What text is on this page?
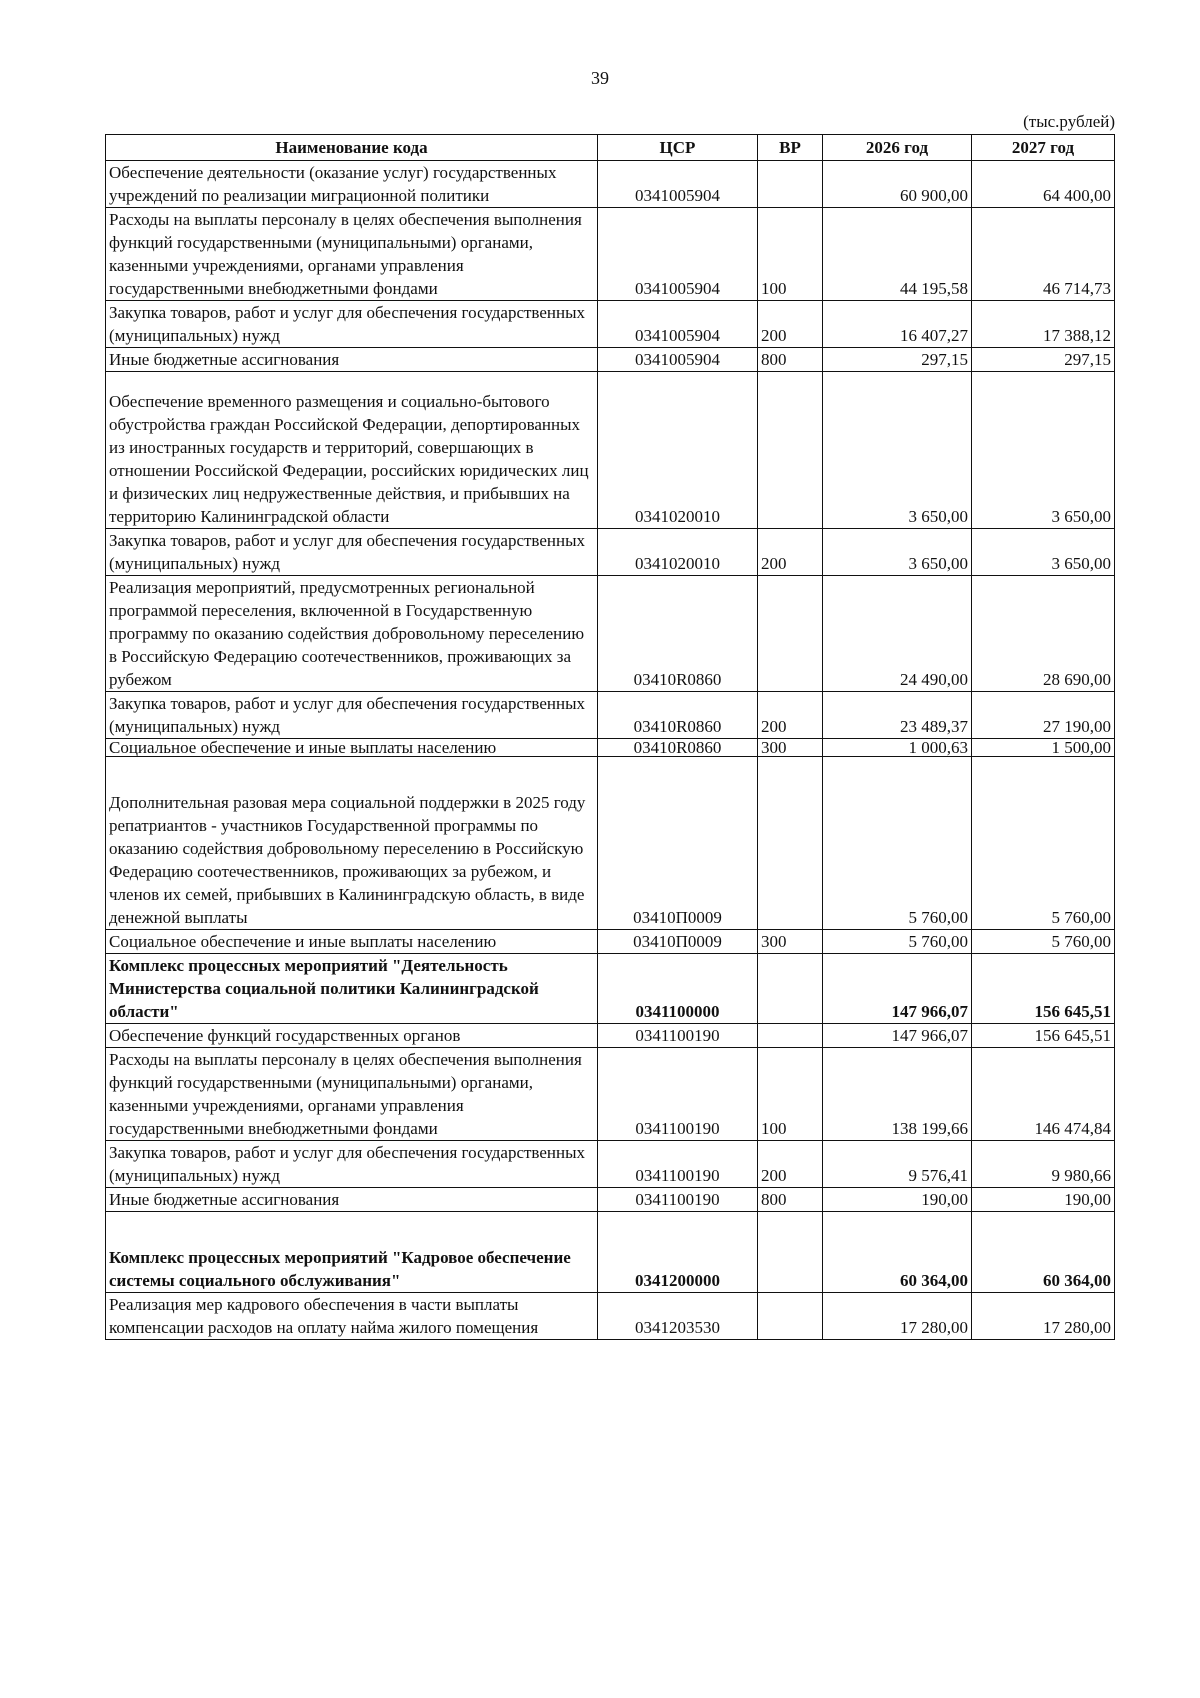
39
(тыс.рублей)
Наименование кода	ЦСР	ВР	2026 год	2027 год
Обеспечение деятельности (оказание услуг) государственных учреждений по реализации миграционной политики	0341005904		60 900,00	64 400,00
Расходы на выплаты персоналу в целях обеспечения выполнения функций государственными (муниципальными) органами, казенными учреждениями, органами управления государственными внебюджетными фондами	0341005904	100	44 195,58	46 714,73
Закупка товаров, работ и услуг для обеспечения государственных (муниципальных) нужд	0341005904	200	16 407,27	17 388,12
Иные бюджетные ассигнования	0341005904	800	297,15	297,15
Обеспечение временного размещения и социально-бытового обустройства граждан Российской Федерации, депортированных из иностранных государств и территорий, совершающих в отношении Российской Федерации, российских юридических лиц и физических лиц недружественные действия, и прибывших на территорию Калининградской области	0341020010		3 650,00	3 650,00
Закупка товаров, работ и услуг для обеспечения государственных (муниципальных) нужд	0341020010	200	3 650,00	3 650,00
Реализация мероприятий, предусмотренных региональной программой переселения, включенной в Государственную программу по оказанию содействия добровольному переселению в Российскую Федерацию соотечественников, проживающих за рубежом	03410R0860		24 490,00	28 690,00
Закупка товаров, работ и услуг для обеспечения государственных (муниципальных) нужд	03410R0860	200	23 489,37	27 190,00
Социальное обеспечение и иные выплаты населению	03410R0860	300	1 000,63	1 500,00
Дополнительная разовая мера социальной поддержки в 2025 году репатриантов - участников Государственной программы по оказанию содействия добровольному переселению в Российскую Федерацию соотечественников, проживающих за рубежом, и членов их семей, прибывших в Калининградскую область, в виде денежной выплаты	03410П0009		5 760,00	5 760,00
Социальное обеспечение и иные выплаты населению	03410П0009	300	5 760,00	5 760,00
Комплекс процессных мероприятий "Деятельность Министерства социальной политики Калининградской области"	0341100000		147 966,07	156 645,51
Обеспечение функций государственных органов	0341100190		147 966,07	156 645,51
Расходы на выплаты персоналу в целях обеспечения выполнения функций государственными (муниципальными) органами, казенными учреждениями, органами управления государственными внебюджетными фондами	0341100190	100	138 199,66	146 474,84
Закупка товаров, работ и услуг для обеспечения государственных (муниципальных) нужд	0341100190	200	9 576,41	9 980,66
Иные бюджетные ассигнования	0341100190	800	190,00	190,00
Комплекс процессных мероприятий "Кадровое обеспечение системы социального обслуживания"	0341200000		60 364,00	60 364,00
Реализация мер кадрового обеспечения в части выплаты компенсации расходов на оплату найма жилого помещения	0341203530		17 280,00	17 280,00
